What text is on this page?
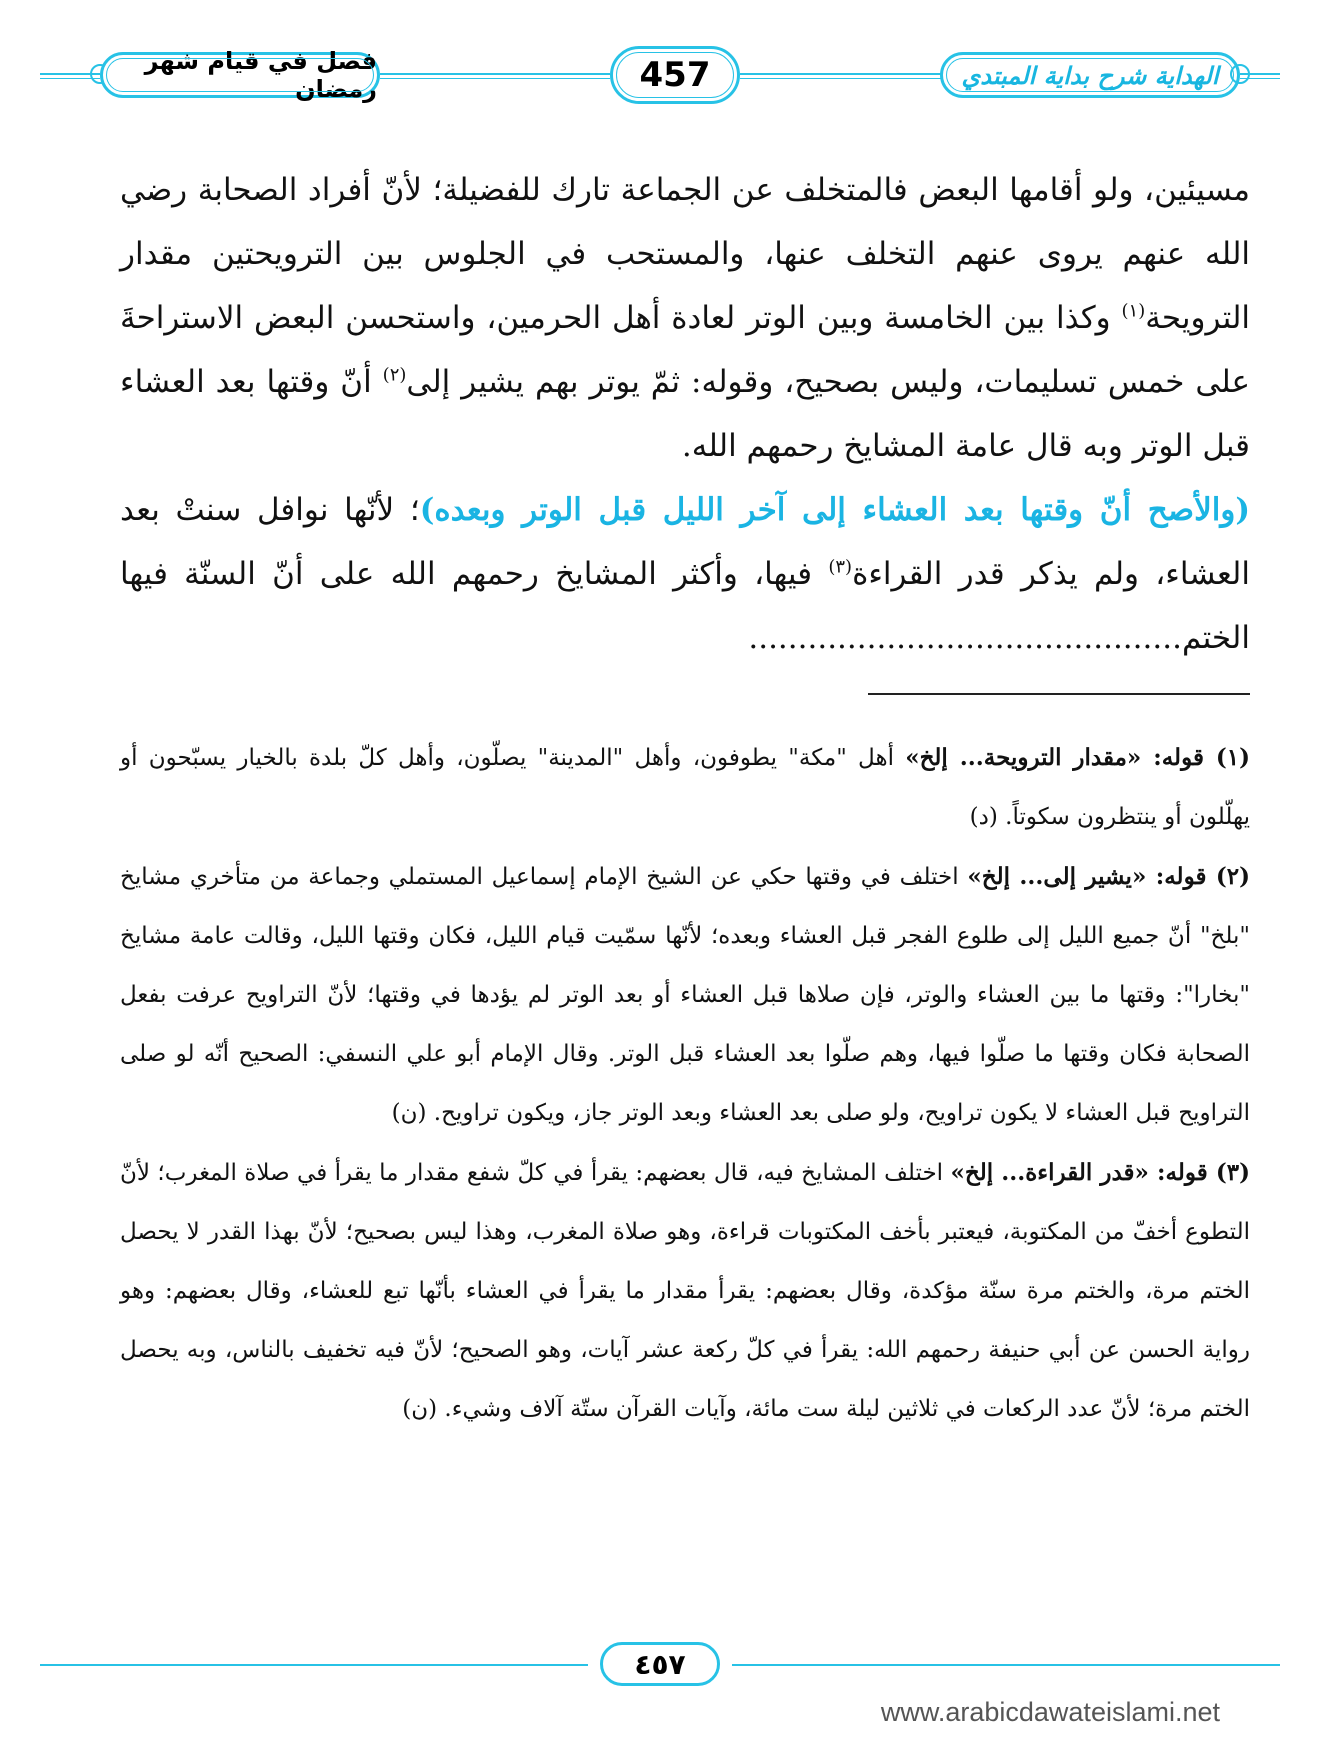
فصل في قيام شهر رمضان	457	الهداية شرح بداية المبتدي

مسيئين، ولو أقامها البعض فالمتخلف عن الجماعة تارك للفضيلة؛ لأنّ أفراد الصحابة رضي الله عنهم يروى عنهم التخلف عنها، والمستحب في الجلوس بين الترويحتين مقدار الترويحة$^{(١)}$ وكذا بين الخامسة وبين الوتر لعادة أهل الحرمين، واستحسن البعض الاستراحةَ على خمس تسليمات، وليس بصحيح، وقوله: ثمّ يوتر بهم يشير إلى$^{(٢)}$ أنّ وقتها بعد العشاء قبل الوتر وبه قال عامة المشايخ رحمهم الله.

(والأصح أنّ وقتها بعد العشاء إلى آخر الليل قبل الوتر وبعده)؛ لأنّها نوافل سنتْ بعد العشاء، ولم يذكر قدر القراءة$^{(٣)}$ فيها، وأكثر المشايخ رحمهم الله على أنّ السنّة فيها الختم............................................

(١) قوله: «مقدار الترويحة... إلخ» أهل "مكة" يطوفون، وأهل "المدينة" يصلّون، وأهل كلّ بلدة بالخيار يسبّحون أو يهلّلون أو ينتظرون سكوتاً. (د)

(٢) قوله: «يشير إلى... إلخ» اختلف في وقتها حكي عن الشيخ الإمام إسماعيل المستملي وجماعة من متأخري مشايخ "بلخ" أنّ جميع الليل إلى طلوع الفجر قبل العشاء وبعده؛ لأنّها سمّيت قيام الليل، فكان وقتها الليل، وقالت عامة مشايخ "بخارا": وقتها ما بين العشاء والوتر، فإن صلاها قبل العشاء أو بعد الوتر لم يؤدها في وقتها؛ لأنّ التراويح عرفت بفعل الصحابة فكان وقتها ما صلّوا فيها، وهم صلّوا بعد العشاء قبل الوتر. وقال الإمام أبو علي النسفي: الصحيح أنّه لو صلى التراويح قبل العشاء لا يكون تراويح، ولو صلى بعد العشاء وبعد الوتر جاز، ويكون تراويح. (ن)

(٣) قوله: «قدر القراءة... إلخ» اختلف المشايخ فيه، قال بعضهم: يقرأ في كلّ شفع مقدار ما يقرأ في صلاة المغرب؛ لأنّ التطوع أخفّ من المكتوبة، فيعتبر بأخف المكتوبات قراءة، وهو صلاة المغرب، وهذا ليس بصحيح؛ لأنّ بهذا القدر لا يحصل الختم مرة، والختم مرة سنّة مؤكدة، وقال بعضهم: يقرأ مقدار ما يقرأ في العشاء بأنّها تبع للعشاء، وقال بعضهم: وهو رواية الحسن عن أبي حنيفة رحمهم الله: يقرأ في كلّ ركعة عشر آيات، وهو الصحيح؛ لأنّ فيه تخفيف بالناس، وبه يحصل الختم مرة؛ لأنّ عدد الركعات في ثلاثين ليلة ست مائة، وآيات القرآن ستّة آلاف وشيء. (ن)

٤٥٧
www.arabicdawateislami.net
